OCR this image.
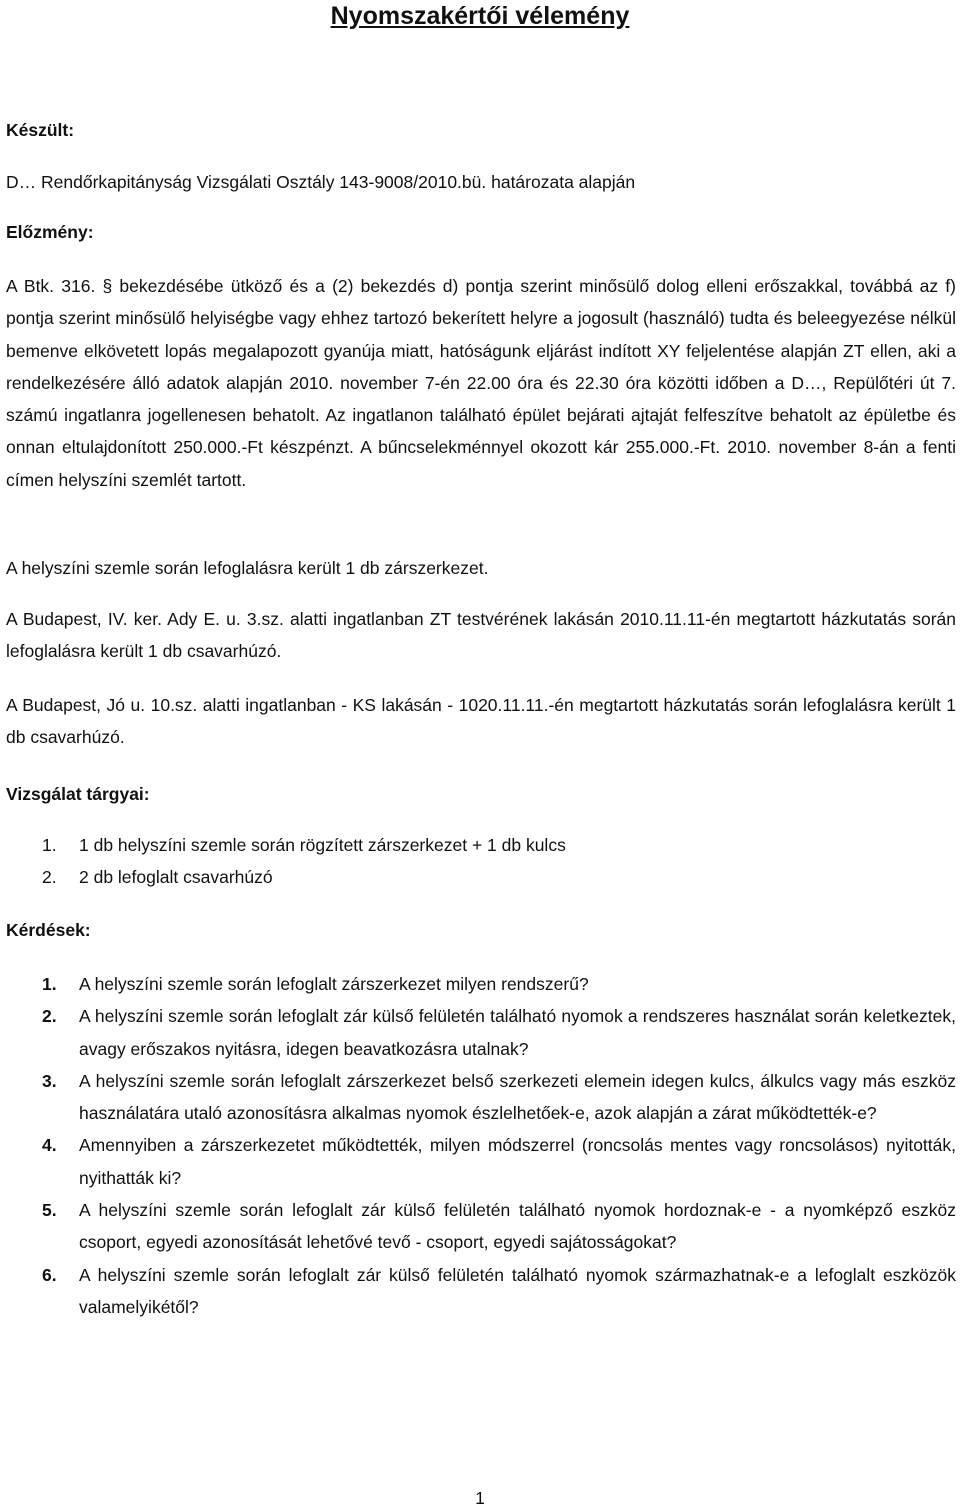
Nyomszakértői vélemény
Készült:
D… Rendőrkapitányság Vizsgálati Osztály 143-9008/2010.bü. határozata alapján
Előzmény:
A Btk. 316. § bekezdésébe ütköző és a (2) bekezdés d) pontja szerint minősülő dolog elleni erőszakkal, továbbá az f) pontja szerint minősülő helyiségbe vagy ehhez tartozó bekerített helyre a jogosult (használó) tudta és beleegyezése nélkül bemenve elkövetett lopás megalapozott gyanúja miatt, hatóságunk eljárást indított XY feljelentése alapján ZT ellen, aki a rendelkezésére álló adatok alapján 2010. november 7-én 22.00 óra és 22.30 óra közötti időben a D…, Repülőtéri út 7. számú ingatlanra jogellenesen behatolt. Az ingatlanon található épület bejárati ajtaját felfeszítve behatolt az épületbe és onnan eltulajdonított 250.000.-Ft készpénzt. A bűncselekménnyel okozott kár 255.000.-Ft. 2010. november 8-án a fenti címen helyszíni szemlét tartott.
A helyszíni szemle során lefoglalásra került 1 db zárszerkezet.
A Budapest, IV. ker. Ady E. u. 3.sz. alatti ingatlanban ZT testvérének lakásán 2010.11.11-én megtartott házkutatás során lefoglalásra került 1 db csavarhúzó.
A Budapest, Jó u. 10.sz. alatti ingatlanban - KS lakásán - 1020.11.11.-én megtartott házkutatás során lefoglalásra került 1 db csavarhúzó.
Vizsgálat tárgyai:
1. 1 db helyszíni szemle során rögzített zárszerkezet + 1 db kulcs
2. 2 db lefoglalt csavarhúzó
Kérdések:
1. A helyszíni szemle során lefoglalt zárszerkezet milyen rendszerű?
2. A helyszíni szemle során lefoglalt zár külső felületén található nyomok a rendszeres használat során keletkeztek, avagy erőszakos nyitásra, idegen beavatkozásra utalnak?
3. A helyszíni szemle során lefoglalt zárszerkezet belső szerkezeti elemein idegen kulcs, álkulcs vagy más eszköz használatára utaló azonosításra alkalmas nyomok észlelhetőek-e, azok alapján a zárat működtették-e?
4. Amennyiben a zárszerkezetet működtették, milyen módszerrel (roncsolás mentes vagy roncsolásos) nyitották, nyithatták ki?
5. A helyszíni szemle során lefoglalt zár külső felületén található nyomok hordoznak-e - a nyomképző eszköz csoport, egyedi azonosítását lehetővé tevő - csoport, egyedi sajátosságokat?
6. A helyszíni szemle során lefoglalt zár külső felületén található nyomok származhatnak-e a lefoglalt eszközök valamelyikétől?
1
